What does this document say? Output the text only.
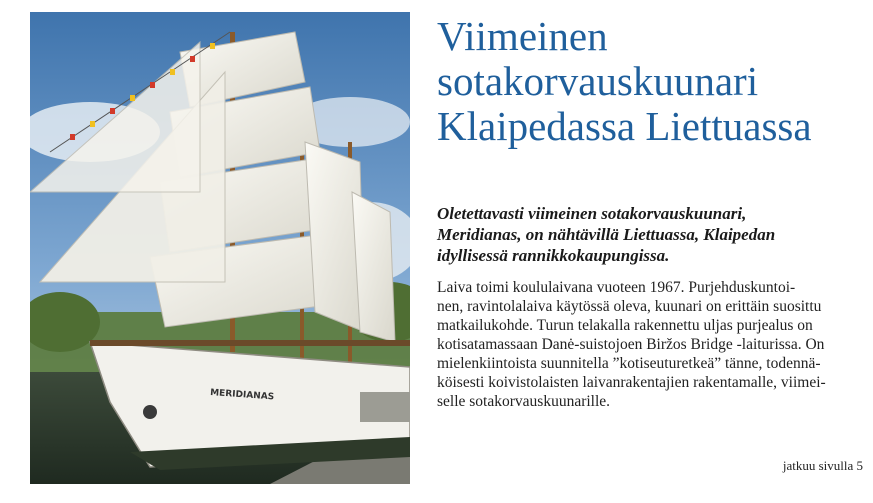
MERIDIANAS
Viimeinen
sotakorvauskuunari
Klaipedassa Liettuassa
Oletettavasti viimeinen sotakorvauskuunari,
Meridianas, on nähtävillä Liettuassa, Klaipedan
idyllisessä rannikkokaupungissa.
Laiva toimi koululaivana vuoteen 1967. Purjehduskuntoi-
nen, ravintolalaiva käytössä oleva, kuunari on erittäin suosittu
matkailukohde. Turun telakalla rakennettu uljas purjealus on
kotisatamassaan Danė-suistojoen Biržos Bridge -laiturissa. On
mielenkiintoista suunnitella ”kotiseuturetkeä” tänne, todennä-
köisesti koivistolaisten laivanrakentajien rakentamalle, viimei-
selle sotakorvauskuunarille.
jatkuu sivulla 5
